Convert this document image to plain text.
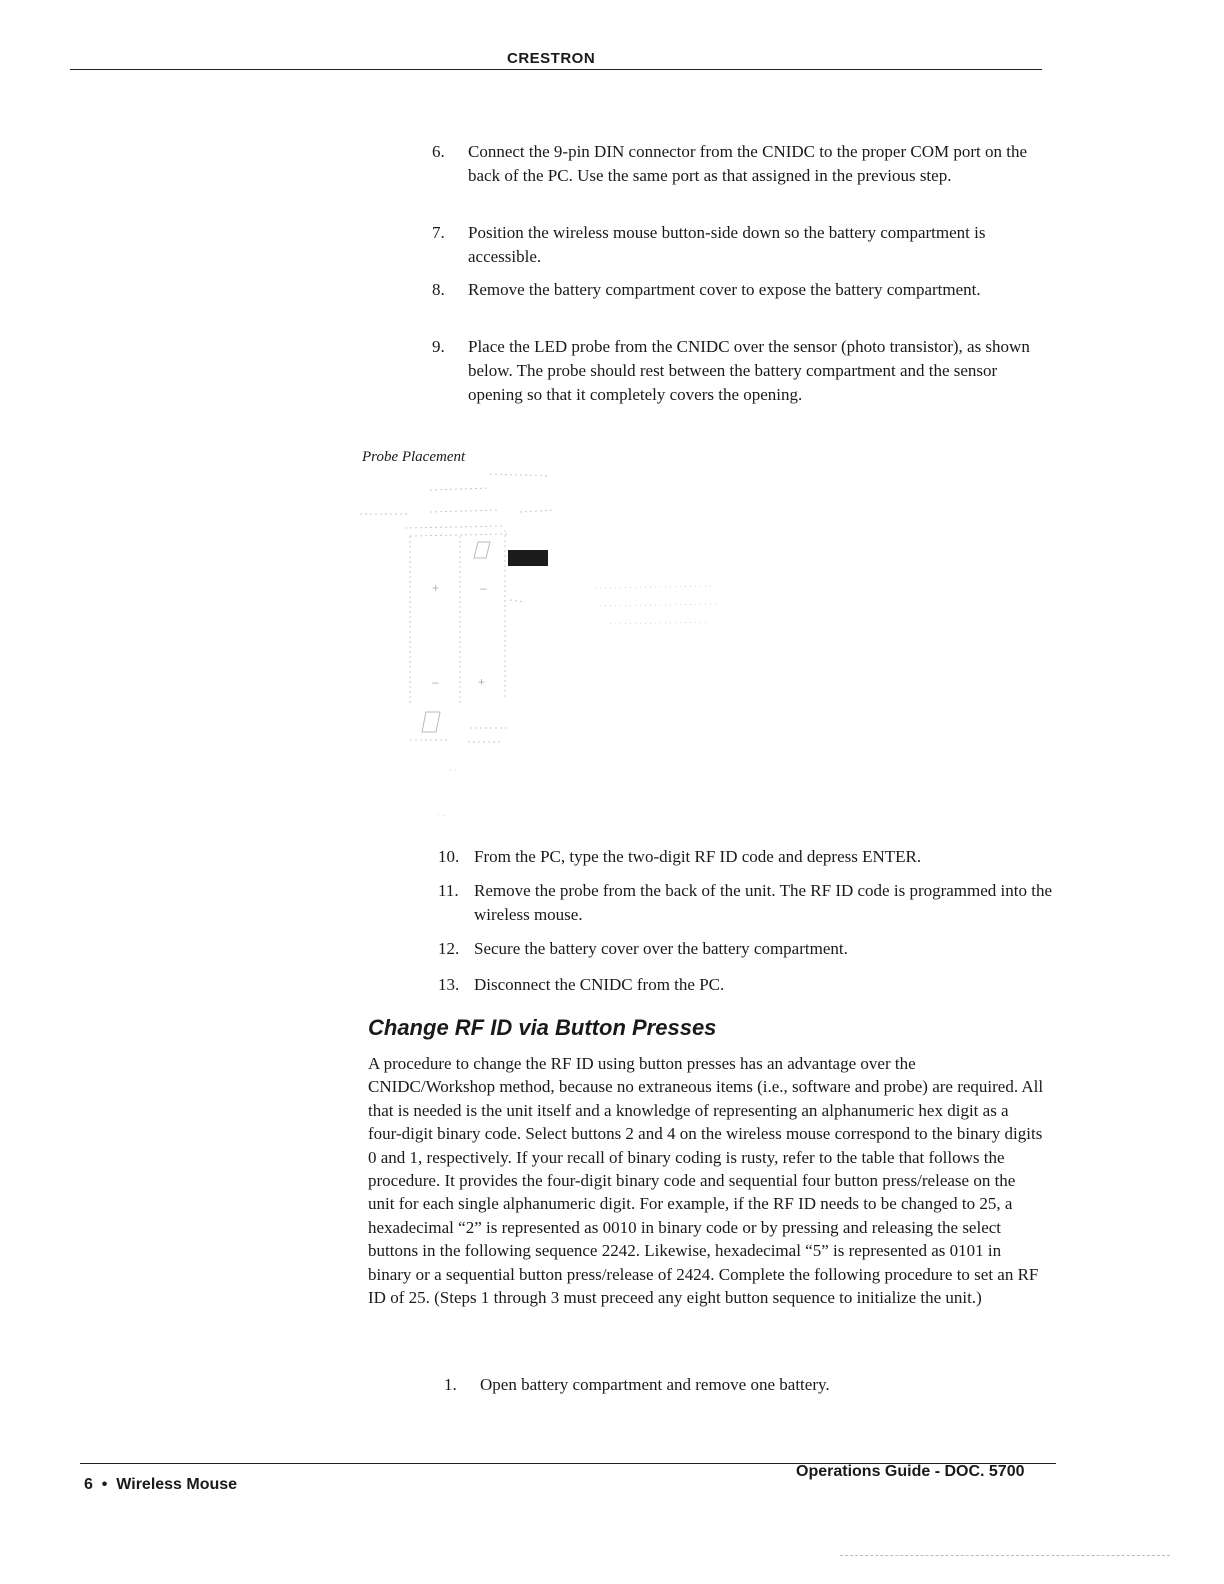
CRESTRON
6.	Connect the 9-pin DIN connector from the CNIDC to the proper COM port on the back of the PC. Use the same port as that assigned in the previous step.
7.	Position the wireless mouse button-side down so the battery compartment is accessible.
8.	Remove the battery compartment cover to expose the battery compartment.
9.	Place the LED probe from the CNIDC over the sensor (photo transistor), as shown below. The probe should rest between the battery compartment and the sensor opening so that it completely covers the opening.
Probe Placement
+	–
–	+
10. From the PC, type the two-digit RF ID code and depress ENTER.
11. Remove the probe from the back of the unit. The RF ID code is programmed into the wireless mouse.
12. Secure the battery cover over the battery compartment.
13. Disconnect the CNIDC from the PC.
Change RF ID via Button Presses
A procedure to change the RF ID using button presses has an advantage over the CNIDC/Workshop method, because no extraneous items (i.e., software and probe) are required. All that is needed is the unit itself and a knowledge of representing an alphanumeric hex digit as a four-digit binary code. Select buttons 2 and 4 on the wireless mouse correspond to the binary digits 0 and 1, respectively. If your recall of binary coding is rusty, refer to the table that follows the procedure. It provides the four-digit binary code and sequential four button press/release on the unit for each single alphanumeric digit. For example, if the RF ID needs to be changed to 25, a hexadecimal “2” is represented as 0010 in binary code or by pressing and releasing the select buttons in the following sequence 2242. Likewise, hexadecimal “5” is represented as 0101 in binary or a sequential button press/release of 2424. Complete the following procedure to set an RF ID of 25. (Steps 1 through 3 must preceed any eight button sequence to initialize the unit.)
1.	Open battery compartment and remove one battery.
6  •  Wireless Mouse
Operations Guide - DOC. 5700
